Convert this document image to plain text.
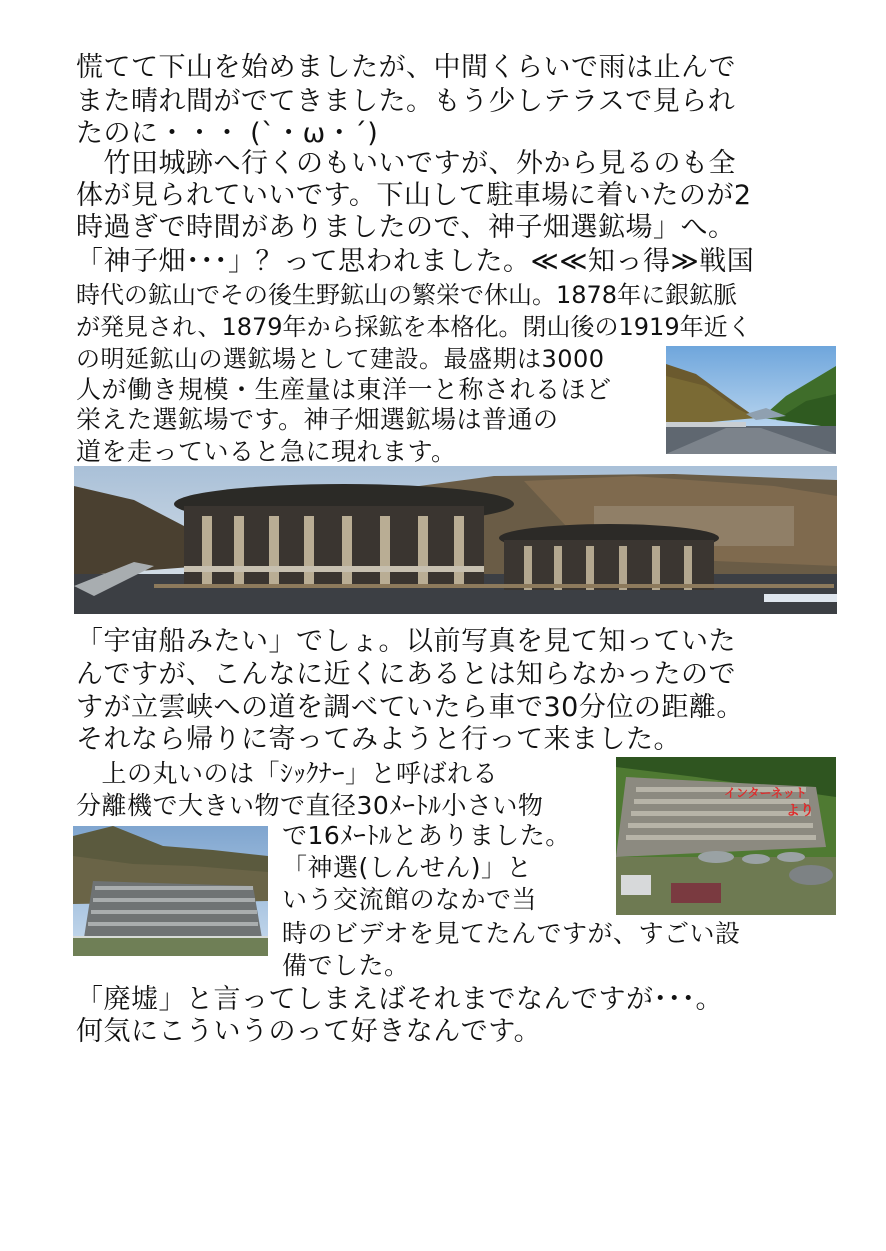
慌てて下山を始めましたが、中間くらいで雨は止んで
また晴れ間がでてきました。もう少しテラスで見られ
たのに・・・ (`・ω・´)
　竹田城跡へ行くのもいいですが、外から見るのも全
体が見られていいです。下山して駐車場に着いたのが2
時過ぎで時間がありましたので、神子畑選鉱場」へ。
「神子畑･･･」？って思われました。≪≪知っ得≫戦国
時代の鉱山でその後生野鉱山の繁栄で休山。1878年に銀鉱脈
が発見され、1879年から採鉱を本格化。閉山後の1919年近く
の明延鉱山の選鉱場として建設。最盛期は3000
人が働き規模・生産量は東洋一と称されるほど
栄えた選鉱場です。神子畑選鉱場は普通の
道を走っていると急に現れます。
「宇宙船みたい」でしょ。以前写真を見て知っていた
んですが、こんなに近くにあるとは知らなかったので
すが立雲峡への道を調べていたら車で30分位の距離。
それなら帰りに寄ってみようと行って来ました。
　上の丸いのは「ｼｯｸﾅｰ」と呼ばれる
分離機で大きい物で直径30ﾒｰﾄﾙ小さい物
で16ﾒｰﾄﾙとありました。
「神選(しんせん)」と
いう交流館のなかで当
時のビデオを見てたんですが、すごい設
備でした。
「廃墟」と言ってしまえばそれまでなんですが･･･。
何気にこういうのって好きなんです。
インターネット
より
